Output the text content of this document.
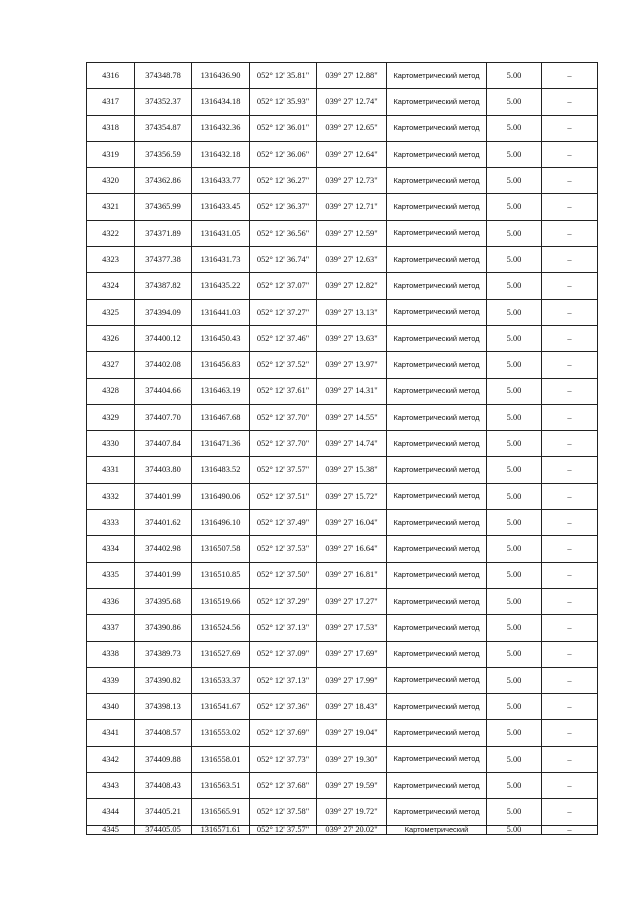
4316	374348.78	1316436.90	052° 12' 35.81"	039° 27' 12.88"	Картометрический метод	5.00	–
4317	374352.37	1316434.18	052° 12' 35.93"	039° 27' 12.74"	Картометрический метод	5.00	–
4318	374354.87	1316432.36	052° 12' 36.01"	039° 27' 12.65"	Картометрический метод	5.00	–
4319	374356.59	1316432.18	052° 12' 36.06"	039° 27' 12.64"	Картометрический метод	5.00	–
4320	374362.86	1316433.77	052° 12' 36.27"	039° 27' 12.73"	Картометрический метод	5.00	–
4321	374365.99	1316433.45	052° 12' 36.37"	039° 27' 12.71"	Картометрический метод	5.00	–
4322	374371.89	1316431.05	052° 12' 36.56"	039° 27' 12.59"	Картометрический метод	5.00	–
4323	374377.38	1316431.73	052° 12' 36.74"	039° 27' 12.63"	Картометрический метод	5.00	–
4324	374387.82	1316435.22	052° 12' 37.07"	039° 27' 12.82"	Картометрический метод	5.00	–
4325	374394.09	1316441.03	052° 12' 37.27"	039° 27' 13.13"	Картометрический метод	5.00	–
4326	374400.12	1316450.43	052° 12' 37.46"	039° 27' 13.63"	Картометрический метод	5.00	–
4327	374402.08	1316456.83	052° 12' 37.52"	039° 27' 13.97"	Картометрический метод	5.00	–
4328	374404.66	1316463.19	052° 12' 37.61"	039° 27' 14.31"	Картометрический метод	5.00	–
4329	374407.70	1316467.68	052° 12' 37.70"	039° 27' 14.55"	Картометрический метод	5.00	–
4330	374407.84	1316471.36	052° 12' 37.70"	039° 27' 14.74"	Картометрический метод	5.00	–
4331	374403.80	1316483.52	052° 12' 37.57"	039° 27' 15.38"	Картометрический метод	5.00	–
4332	374401.99	1316490.06	052° 12' 37.51"	039° 27' 15.72"	Картометрический метод	5.00	–
4333	374401.62	1316496.10	052° 12' 37.49"	039° 27' 16.04"	Картометрический метод	5.00	–
4334	374402.98	1316507.58	052° 12' 37.53"	039° 27' 16.64"	Картометрический метод	5.00	–
4335	374401.99	1316510.85	052° 12' 37.50"	039° 27' 16.81"	Картометрический метод	5.00	–
4336	374395.68	1316519.66	052° 12' 37.29"	039° 27' 17.27"	Картометрический метод	5.00	–
4337	374390.86	1316524.56	052° 12' 37.13"	039° 27' 17.53"	Картометрический метод	5.00	–
4338	374389.73	1316527.69	052° 12' 37.09"	039° 27' 17.69"	Картометрический метод	5.00	–
4339	374390.82	1316533.37	052° 12' 37.13"	039° 27' 17.99"	Картометрический метод	5.00	–
4340	374398.13	1316541.67	052° 12' 37.36"	039° 27' 18.43"	Картометрический метод	5.00	–
4341	374408.57	1316553.02	052° 12' 37.69"	039° 27' 19.04"	Картометрический метод	5.00	–
4342	374409.88	1316558.01	052° 12' 37.73"	039° 27' 19.30"	Картометрический метод	5.00	–
4343	374408.43	1316563.51	052° 12' 37.68"	039° 27' 19.59"	Картометрический метод	5.00	–
4344	374405.21	1316565.91	052° 12' 37.58"	039° 27' 19.72"	Картометрический метод	5.00	–
4345	374405.05	1316571.61	052° 12' 37.57"	039° 27' 20.02"	Картометрический	5.00	–
